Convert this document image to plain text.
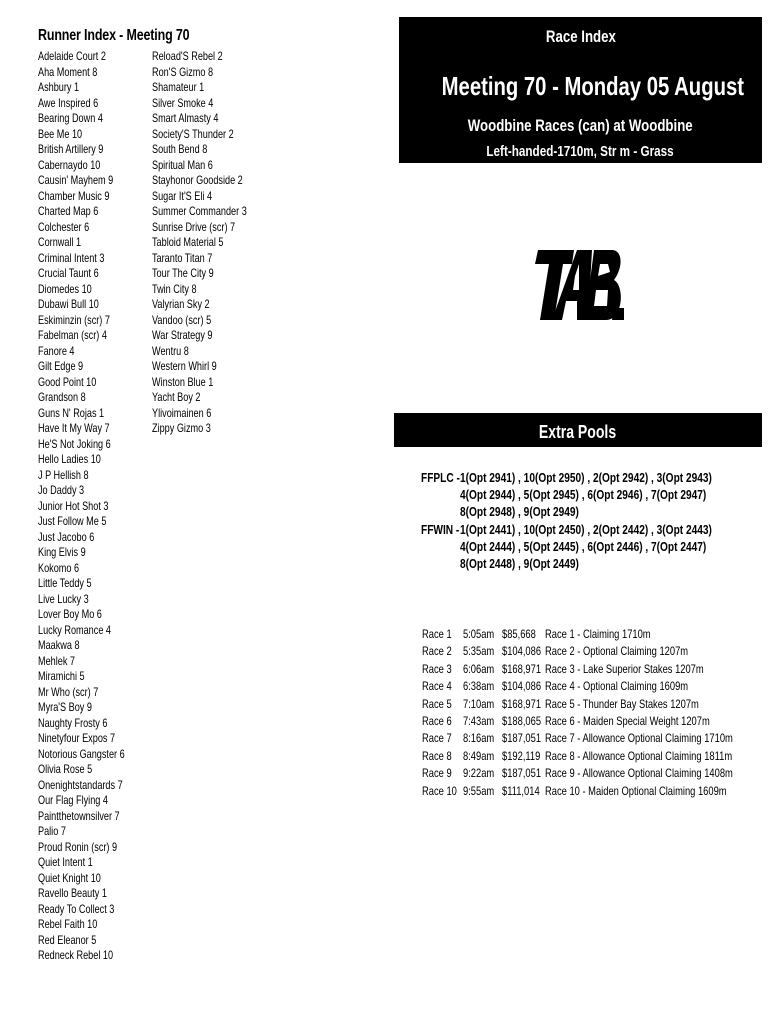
Runner Index - Meeting 70
Adelaide Court 2
Aha Moment 8
Ashbury 1
Awe Inspired 6
Bearing Down 4
Bee Me 10
British Artillery 9
Cabernaydo 10
Causin' Mayhem 9
Chamber Music 9
Charted Map 6
Colchester 6
Cornwall 1
Criminal Intent 3
Crucial Taunt 6
Diomedes 10
Dubawi Bull 10
Eskiminzin (scr) 7
Fabelman (scr) 4
Fanore 4
Gilt Edge 9
Good Point 10
Grandson 8
Guns N' Rojas 1
Have It My Way 7
He'S Not Joking 6
Hello Ladies 10
J P Hellish 8
Jo Daddy 3
Junior Hot Shot 3
Just Follow Me 5
Just Jacobo 6
King Elvis 9
Kokomo 6
Little Teddy 5
Live Lucky 3
Lover Boy Mo 6
Lucky Romance 4
Maakwa 8
Mehlek 7
Miramichi 5
Mr Who (scr) 7
Myra'S Boy 9
Naughty Frosty 6
Ninetyfour Expos 7
Notorious Gangster 6
Olivia Rose 5
Onenightstandards 7
Our Flag Flying 4
Paintthetownsilver 7
Palio 7
Proud Ronin (scr) 9
Quiet Intent 1
Quiet Knight 10
Ravello Beauty 1
Ready To Collect 3
Rebel Faith 10
Red Eleanor 5
Redneck Rebel 10
Reload'S Rebel 2
Ron'S Gizmo 8
Shamateur 1
Silver Smoke 4
Smart Almasty 4
Society'S Thunder 2
South Bend 8
Spiritual Man 6
Stayhonor Goodside 2
Sugar It'S Eli 4
Summer Commander 3
Sunrise Drive (scr) 7
Tabloid Material 5
Taranto Titan 7
Tour The City 9
Twin City 8
Valyrian Sky 2
Vandoo (scr) 5
War Strategy 9
Wentru 8
Western Whirl 9
Winston Blue 1
Yacht Boy 2
Ylivoimainen 6
Zippy Gizmo 3
Race Index
Meeting 70 - Monday 05 August
Woodbine Races (can) at Woodbine
Left-handed-1710m, Str m - Grass
Extra Pools
FFPLC -1(Opt 2941) , 10(Opt 2950) , 2(Opt 2942) , 3(Opt 2943)
4(Opt 2944) , 5(Opt 2945) , 6(Opt 2946) , 7(Opt 2947)
8(Opt 2948) , 9(Opt 2949)
FFWIN -1(Opt 2441) , 10(Opt 2450) , 2(Opt 2442) , 3(Opt 2443)
4(Opt 2444) , 5(Opt 2445) , 6(Opt 2446) , 7(Opt 2447)
8(Opt 2448) , 9(Opt 2449)
Race 1 5:05am $85,668 Race 1 - Claiming 1710m
Race 2 5:35am $104,086 Race 2 - Optional Claiming 1207m
Race 3 6:06am $168,971 Race 3 - Lake Superior Stakes 1207m
Race 4 6:38am $104,086 Race 4 - Optional Claiming 1609m
Race 5 7:10am $168,971 Race 5 - Thunder Bay Stakes 1207m
Race 6 7:43am $188,065 Race 6 - Maiden Special Weight 1207m
Race 7 8:16am $187,051 Race 7 - Allowance Optional Claiming 1710m
Race 8 8:49am $192,119 Race 8 - Allowance Optional Claiming 1811m
Race 9 9:22am $187,051 Race 9 - Allowance Optional Claiming 1408m
Race 10 9:55am $111,014 Race 10 - Maiden Optional Claiming 1609m
